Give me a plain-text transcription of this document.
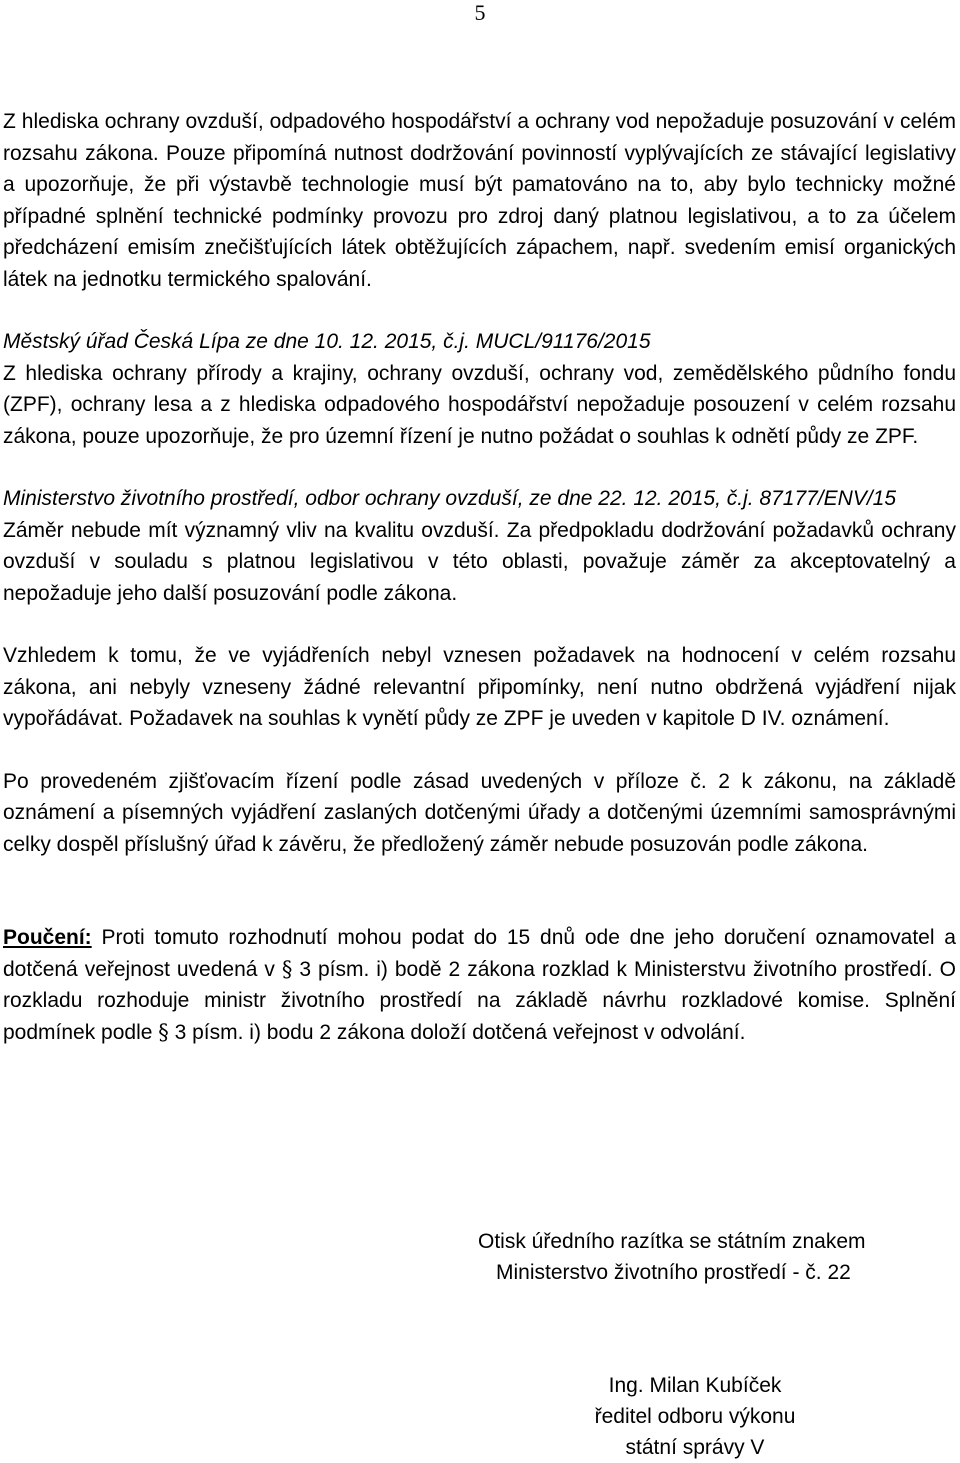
5

Z hlediska ochrany ovzduší, odpadového hospodářství a ochrany vod nepožaduje posuzování v celém rozsahu zákona. Pouze připomíná nutnost dodržování povinností vyplývajících ze stávající legislativy a upozorňuje, že při výstavbě technologie musí být pamatováno na to, aby bylo technicky možné případné splnění technické podmínky provozu pro zdroj daný platnou legislativou, a to za účelem předcházení emisím znečišťujících látek obtěžujících zápachem, např. svedením emisí organických látek na jednotku termického spalování.

Městský úřad Česká Lípa ze dne 10. 12. 2015, č.j. MUCL/91176/2015
Z hlediska ochrany přírody a krajiny, ochrany ovzduší, ochrany vod, zemědělského půdního fondu (ZPF), ochrany lesa a z hlediska odpadového hospodářství nepožaduje posouzení v celém rozsahu zákona, pouze upozorňuje, že pro územní řízení je nutno požádat o souhlas k odnětí půdy ze ZPF.

Ministerstvo životního prostředí, odbor ochrany ovzduší, ze dne 22. 12. 2015, č.j. 87177/ENV/15
Záměr nebude mít významný vliv na kvalitu ovzduší. Za předpokladu dodržování požadavků ochrany ovzduší v souladu s platnou legislativou v této oblasti, považuje záměr za akceptovatelný a nepožaduje jeho další posuzování podle zákona.

Vzhledem k tomu, že ve vyjádřeních nebyl vznesen požadavek na hodnocení v celém rozsahu zákona, ani nebyly vzneseny žádné relevantní připomínky, není nutno obdržená vyjádření nijak vypořádávat. Požadavek na souhlas k vynětí půdy ze ZPF je uveden v kapitole D IV. oznámení.

Po provedeném zjišťovacím řízení podle zásad uvedených v příloze č. 2 k zákonu, na základě oznámení a písemných vyjádření zaslaných dotčenými úřady a dotčenými územními samosprávnými celky dospěl příslušný úřad k závěru, že předložený záměr nebude posuzován podle zákona.

Poučení: Proti tomuto rozhodnutí mohou podat do 15 dnů ode dne jeho doručení oznamovatel a dotčená veřejnost uvedená v § 3 písm. i) bodě 2 zákona rozklad k Ministerstvu životního prostředí. O rozkladu rozhoduje ministr životního prostředí na základě návrhu rozkladové komise. Splnění podmínek podle § 3 písm. i) bodu 2 zákona doloží dotčená veřejnost v odvolání.

Otisk úředního razítka se státním znakem
Ministerstvo životního prostředí - č. 22
Ing. Milan Kubíček
ředitel odboru výkonu
státní správy V
